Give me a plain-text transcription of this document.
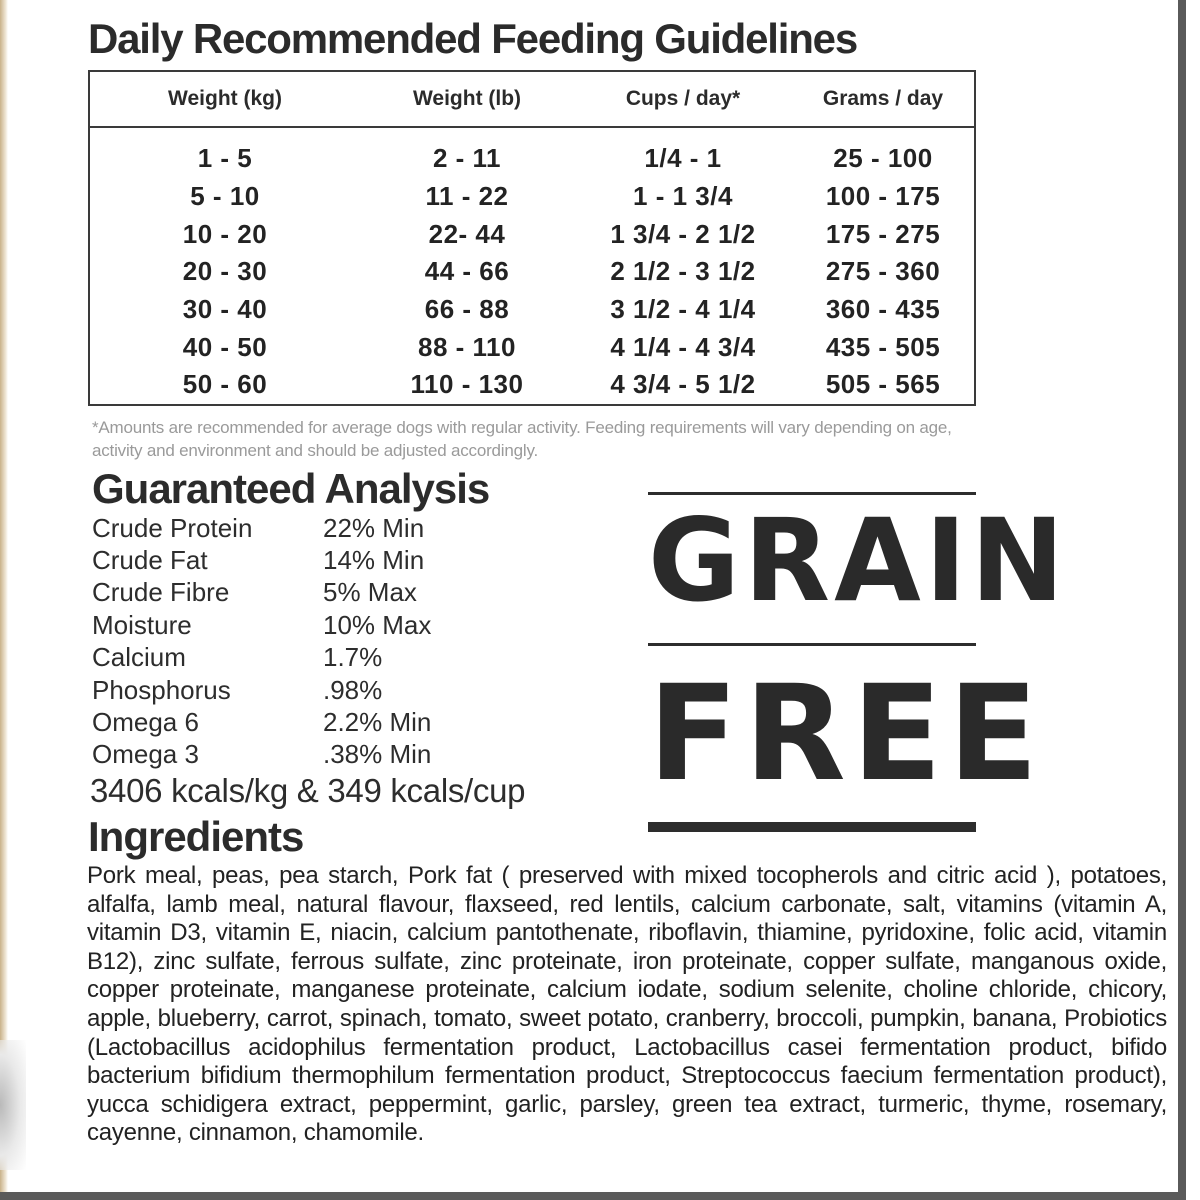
Daily Recommended Feeding Guidelines
Weight (kg)	Weight (lb)	Cups / day*	Grams / day
1 - 5	2 - 11	1/4 - 1	25 - 100
5 - 10	11 - 22	1 - 1 3/4	100 - 175
10 - 20	22- 44	1 3/4 - 2 1/2	175 - 275
20 - 30	44 - 66	2 1/2 - 3 1/2	275 - 360
30 - 40	66 - 88	3 1/2 - 4 1/4	360 - 435
40 - 50	88 - 110	4 1/4 - 4 3/4	435 - 505
50 - 60	110 - 130	4 3/4 - 5 1/2	505 - 565
*Amounts are recommended for average dogs with regular activity. Feeding requirements will vary depending on age, activity and environment and should be adjusted accordingly.
Guaranteed Analysis
Crude Protein	22% Min
Crude Fat	14% Min
Crude Fibre	5% Max
Moisture	10% Max
Calcium	1.7%
Phosphorus	.98%
Omega 6	2.2% Min
Omega 3	.38% Min
3406 kcals/kg & 349 kcals/cup
GRAIN
FREE
Ingredients
Pork meal, peas, pea starch, Pork fat ( preserved with mixed tocopherols and citric acid ), potatoes, alfalfa, lamb meal, natural flavour, flaxseed, red lentils, calcium carbonate, salt, vitamins (vitamin A, vitamin D3, vitamin E, niacin, calcium pantothenate, riboflavin, thiamine, pyridoxine, folic acid, vitamin B12), zinc sulfate, ferrous sulfate, zinc proteinate, iron proteinate, copper sulfate, manganous oxide, copper proteinate, manganese proteinate, calcium iodate, sodium selenite, choline chloride, chicory, apple, blueberry, carrot, spinach, tomato, sweet potato, cranberry, broccoli, pumpkin, banana, Probiotics (Lactobacillus acidophilus fermentation product, Lactobacillus casei fermentation product, bifido bacterium bifidium thermophilum fermentation product, Streptococcus faecium fermentation product), yucca schidigera extract, peppermint, garlic, parsley, green tea extract, turmeric, thyme, rosemary, cayenne, cinnamon, chamomile.
